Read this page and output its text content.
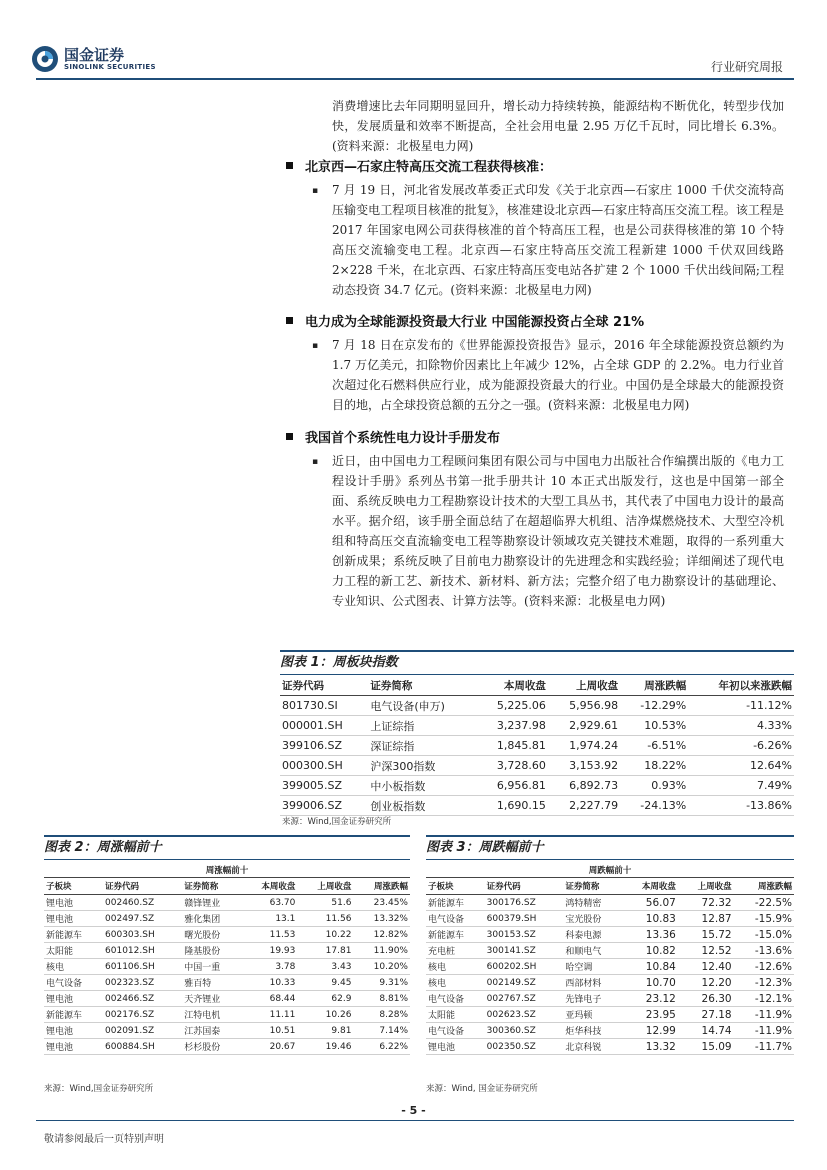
国金证券
SINOLINK SECURITIES	行业研究周报
消费增速比去年同期明显回升，增长动力持续转换，能源结构不断优化，转型步伐加快，发展质量和效率不断提高，全社会用电量 2.95 万亿千瓦时，同比增长 6.3%。(资料来源：北极星电力网)
北京西—石家庄特高压交流工程获得核准：
▪ 7 月 19 日，河北省发展改革委正式印发《关于北京西—石家庄 1000 千伏交流特高压输变电工程项目核准的批复》，核准建设北京西—石家庄特高压交流工程。该工程是 2017 年国家电网公司获得核准的首个特高压工程，也是公司获得核准的第 10 个特高压交流输变电工程。北京西—石家庄特高压交流工程新建 1000 千伏双回线路 2×228 千米，在北京西、石家庄特高压变电站各扩建 2 个 1000 千伏出线间隔;工程动态投资 34.7 亿元。(资料来源：北极星电力网)
电力成为全球能源投资最大行业 中国能源投资占全球 21%
▪ 7 月 18 日在京发布的《世界能源投资报告》显示，2016 年全球能源投资总额约为 1.7 万亿美元，扣除物价因素比上年减少 12%，占全球 GDP 的 2.2%。电力行业首次超过化石燃料供应行业，成为能源投资最大的行业。中国仍是全球最大的能源投资目的地，占全球投资总额的五分之一强。(资料来源：北极星电力网)
我国首个系统性电力设计手册发布
▪ 近日，由中国电力工程顾问集团有限公司与中国电力出版社合作编撰出版的《电力工程设计手册》系列丛书第一批手册共计 10 本正式出版发行，这也是中国第一部全面、系统反映电力工程勘察设计技术的大型工具丛书，其代表了中国电力设计的最高水平。据介绍，该手册全面总结了在超超临界大机组、洁净煤燃烧技术、大型空冷机组和特高压交直流输变电工程等勘察设计领域攻克关键技术难题，取得的一系列重大创新成果；系统反映了目前电力勘察设计的先进理念和实践经验；详细阐述了现代电力工程的新工艺、新技术、新材料、新方法；完整介绍了电力勘察设计的基础理论、专业知识、公式图表、计算方法等。(资料来源：北极星电力网)
图表 1：周板块指数
证券代码	证券简称	本周收盘	上周收盘	周涨跌幅	年初以来涨跌幅
801730.SI	电气设备(申万)	5,225.06	5,956.98	-12.29%	-11.12%
000001.SH	上证综指	3,237.98	2,929.61	10.53%	4.33%
399106.SZ	深证综指	1,845.81	1,974.24	-6.51%	-6.26%
000300.SH	沪深300指数	3,728.60	3,153.92	18.22%	12.64%
399005.SZ	中小板指数	6,956.81	6,892.73	0.93%	7.49%
399006.SZ	创业板指数	1,690.15	2,227.79	-24.13%	-13.86%
来源：Wind,国金证券研究所
图表 2：周涨幅前十
周涨幅前十					
子板块	证券代码	证券简称	本周收盘	上周收盘	周涨跌幅
锂电池	002460.SZ	赣锋锂业	63.70	51.6	23.45%
锂电池	002497.SZ	雅化集团	13.1	11.56	13.32%
新能源车	600303.SH	曙光股份	11.53	10.22	12.82%
太阳能	601012.SH	隆基股份	19.93	17.81	11.90%
核电	601106.SH	中国一重	3.78	3.43	10.20%
电气设备	002323.SZ	雅百特	10.33	9.45	9.31%
锂电池	002466.SZ	天齐锂业	68.44	62.9	8.81%
新能源车	002176.SZ	江特电机	11.11	10.26	8.28%
锂电池	002091.SZ	江苏国泰	10.51	9.81	7.14%
锂电池	600884.SH	杉杉股份	20.67	19.46	6.22%
来源：Wind,国金证券研究所
图表 3：周跌幅前十
周跌幅前十					
子板块	证券代码	证券简称	本周收盘	上周收盘	周涨跌幅
新能源车	300176.SZ	鸿特精密	56.07	72.32	-22.5%
电气设备	600379.SH	宝光股份	10.83	12.87	-15.9%
新能源车	300153.SZ	科泰电源	13.36	15.72	-15.0%
充电桩	300141.SZ	和顺电气	10.82	12.52	-13.6%
核电	600202.SH	哈空调	10.84	12.40	-12.6%
核电	002149.SZ	西部材料	10.70	12.20	-12.3%
电气设备	002767.SZ	先锋电子	23.12	26.30	-12.1%
太阳能	002623.SZ	亚玛顿	23.95	27.18	-11.9%
电气设备	300360.SZ	炬华科技	12.99	14.74	-11.9%
锂电池	002350.SZ	北京科锐	13.32	15.09	-11.7%
来源：Wind, 国金证券研究所
- 5 -
敬请参阅最后一页特别声明
